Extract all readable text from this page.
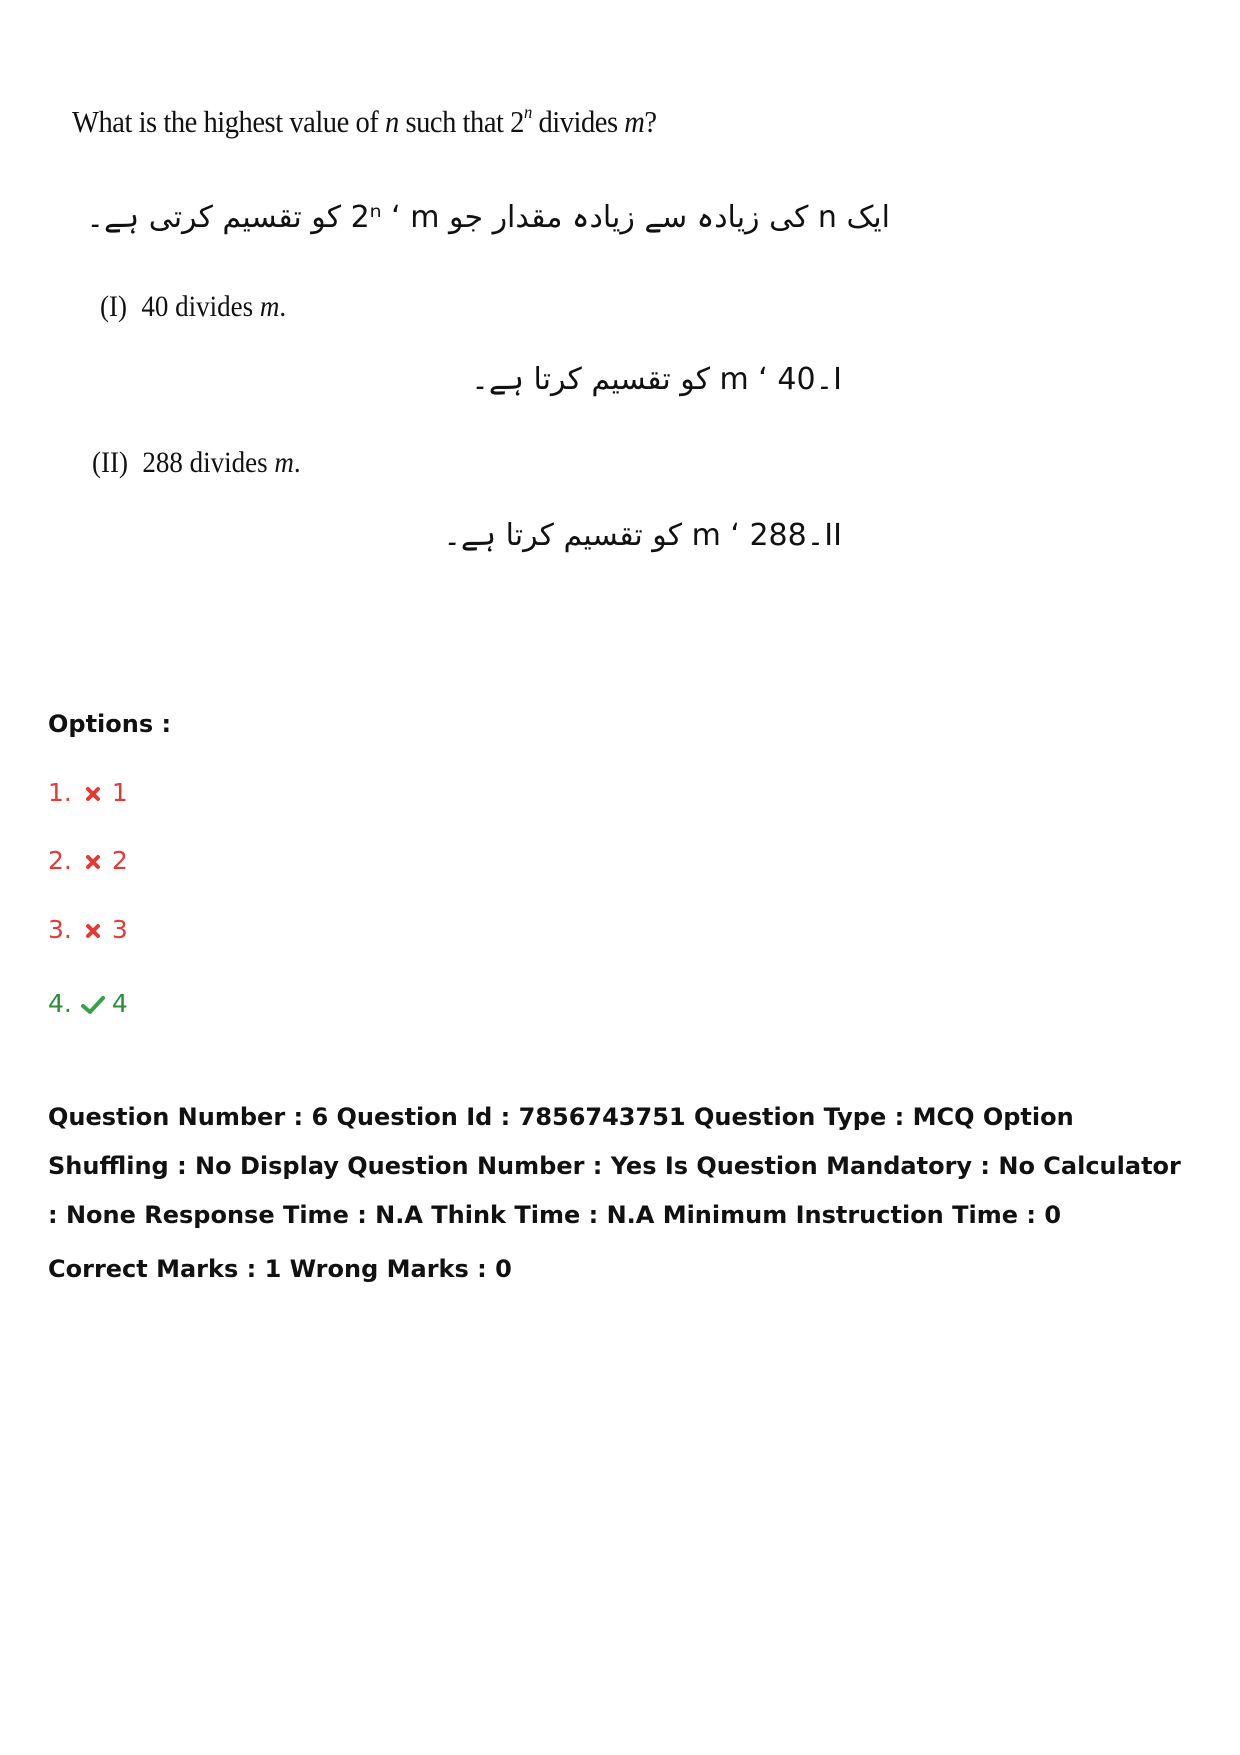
What is the highest value of n such that 2$^n$ divides m?
ایک n کی زیادہ سے زیادہ مقدار جو 2ⁿ ‘ m کو تقسیم کرتی ہے۔
(I) 40 divides m.
I۔40 ‘ m کو تقسیم کرتا ہے۔
(II) 288 divides m.
II۔288 ‘ m کو تقسیم کرتا ہے۔
Options :
1. 1
2. 2
3. 3
4. 4
Question Number : 6 Question Id : 7856743751 Question Type : MCQ Option Shuffling : No Display Question Number : Yes Is Question Mandatory : No Calculator : None Response Time : N.A Think Time : N.A Minimum Instruction Time : 0
Correct Marks : 1 Wrong Marks : 0
